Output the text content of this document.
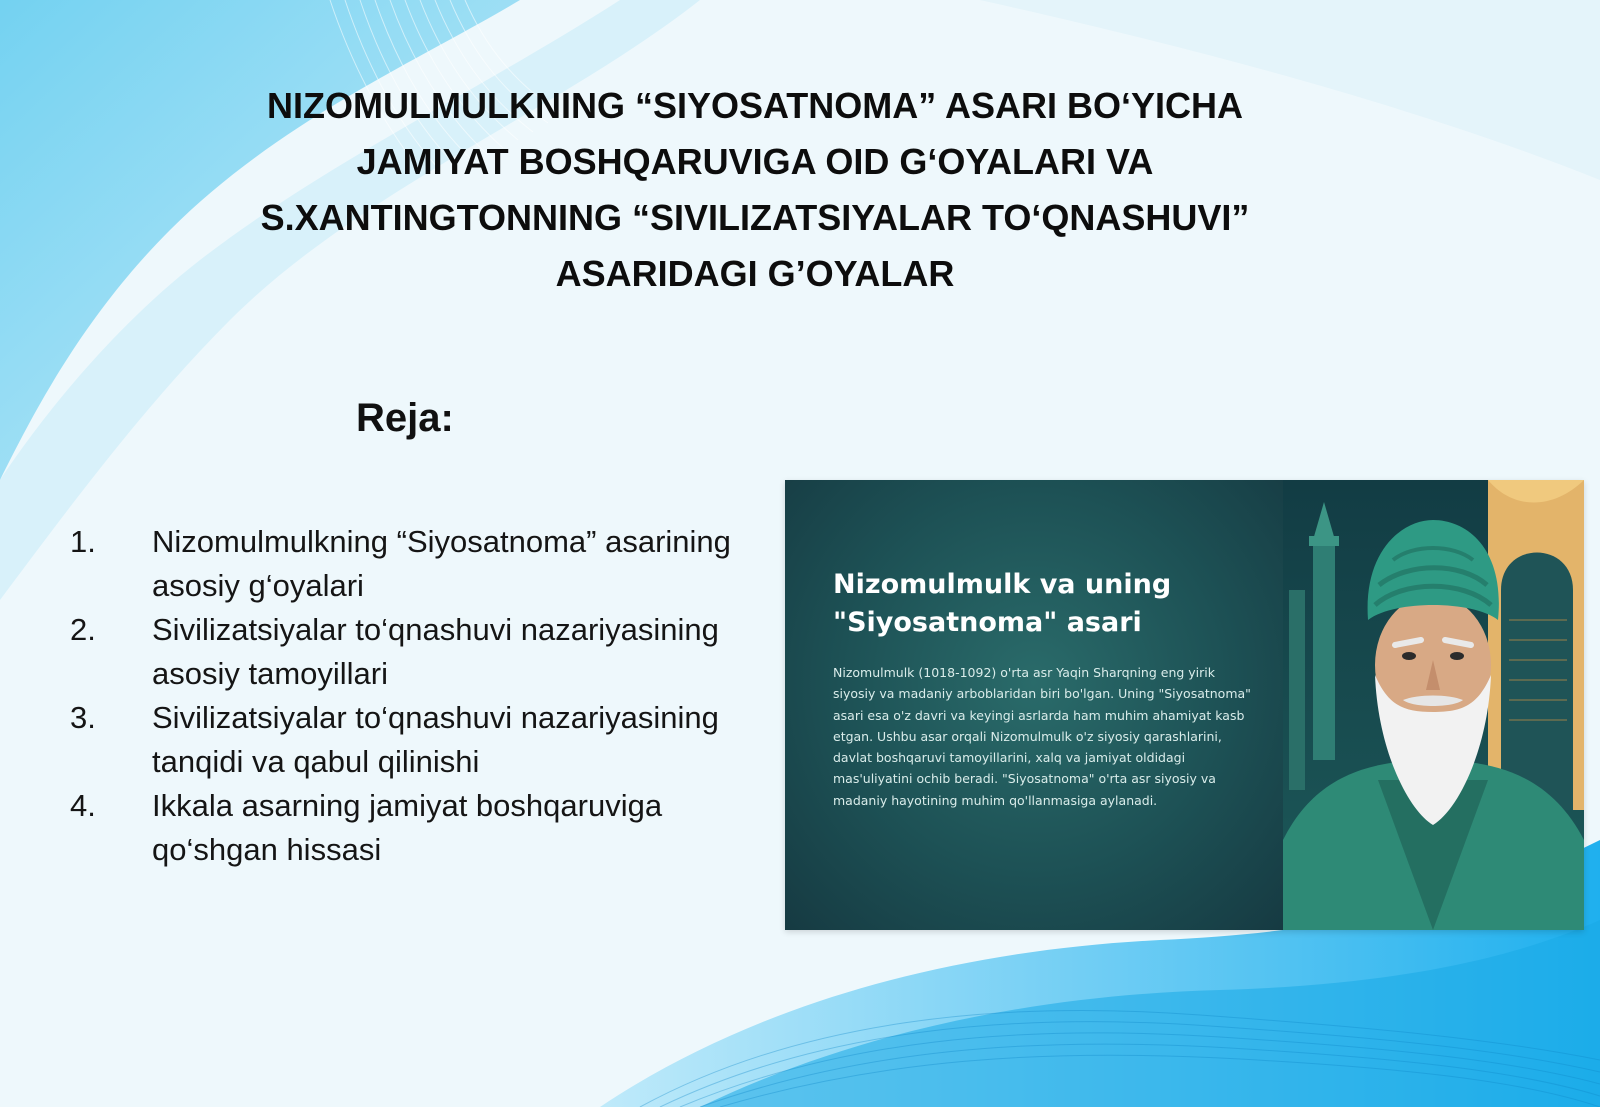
NIZOMULMULKNING “SIYOSATNOMA” ASARI BO‘YICHA
JAMIYAT BOSHQARUVIGA OID G‘OYALARI VA
S.XANTINGTONNING “SIVILIZATSIYALAR TO‘QNASHUVI”
ASARIDAGI G’OYALAR
Reja:
1. Nizomulmulkning “Siyosatnoma” asarining asosiy g‘oyalari
2. Sivilizatsiyalar to‘qnashuvi nazariyasining asosiy tamoyillari
3. Sivilizatsiyalar to‘qnashuvi nazariyasining tanqidi va qabul qilinishi
4. Ikkala asarning jamiyat boshqaruviga qo‘shgan hissasi
Nizomulmulk va uning "Siyosatnoma" asari

Nizomulmulk (1018-1092) o'rta asr Yaqin Sharqning eng yirik siyosiy va madaniy arboblaridan biri bo'lgan. Uning "Siyosatnoma" asari esa o'z davri va keyingi asrlarda ham muhim ahamiyat kasb etgan. Ushbu asar orqali Nizomulmulk o'z siyosiy qarashlarini, davlat boshqaruvi tamoyillarini, xalq va jamiyat oldidagi mas'uliyatini ochib beradi. "Siyosatnoma" o'rta asr siyosiy va madaniy hayotining muhim qo'llanmasiga aylanadi.
